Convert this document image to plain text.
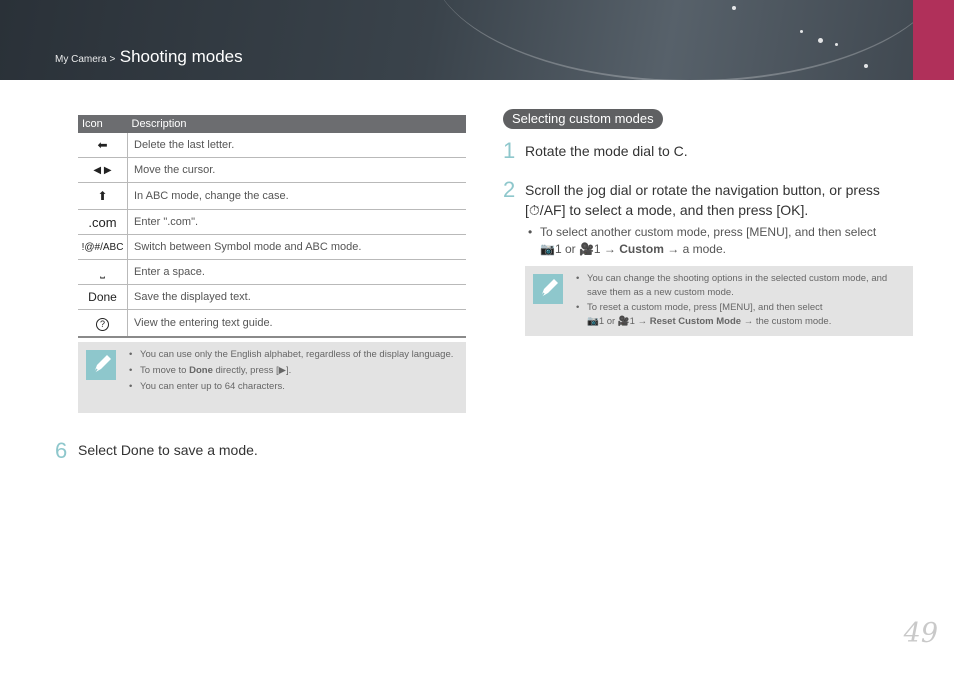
My Camera > Shooting modes
Icon	Description
⬅	Delete the last letter.
◀ ▶	Move the cursor.
⬆	In ABC mode, change the case.
.com	Enter ".com".
!@#/ABC	Switch between Symbol mode and ABC mode.
⎵	Enter a space.
Done	Save the displayed text.
?	View the entering text guide.
• You can use only the English alphabet, regardless of the display language.
• To move to Done directly, press [▶].
• You can enter up to 64 characters.
6 Select Done to save a mode.
Selecting custom modes
1 Rotate the mode dial to C.
2 Scroll the jog dial or rotate the navigation button, or press [⏱/AF] to select a mode, and then press [OK].
• To select another custom mode, press [MENU], and then select
📷1 or 🎥1 → Custom → a mode.
• You can change the shooting options in the selected custom mode, and save them as a new custom mode.
• To reset a custom mode, press [MENU], and then select
📷1 or 🎥1 → Reset Custom Mode → the custom mode.
49
